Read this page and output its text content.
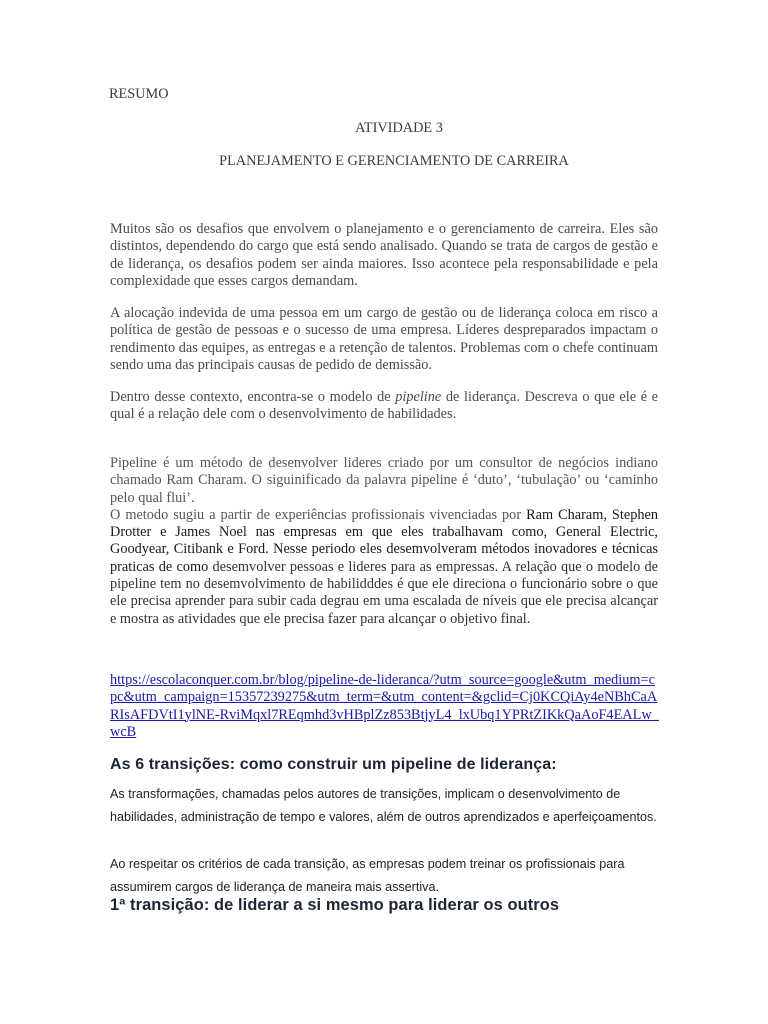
RESUMO
ATIVIDADE 3
PLANEJAMENTO E GERENCIAMENTO DE CARREIRA
Muitos são os desafios que envolvem o planejamento e o gerenciamento de carreira. Eles são distintos, dependendo do cargo que está sendo analisado. Quando se trata de cargos de gestão e de liderança, os desafios podem ser ainda maiores. Isso acontece pela responsabilidade e pela complexidade que esses cargos demandam.
A alocação indevida de uma pessoa em um cargo de gestão ou de liderança coloca em risco a política de gestão de pessoas e o sucesso de uma empresa. Líderes despreparados impactam o rendimento das equipes, as entregas e a retenção de talentos. Problemas com o chefe continuam sendo uma das principais causas de pedido de demissão.
Dentro desse contexto, encontra-se o modelo de pipeline de liderança. Descreva o que ele é e qual é a relação dele com o desenvolvimento de habilidades.
Pipeline é um método de desenvolver lideres criado por um consultor de negócios indiano chamado Ram Charam. O siguinificado da palavra pipeline é ‘duto’, ‘tubulação’ ou ‘caminho pelo qual flui’.
O metodo sugiu a partir de experiências profissionais vivenciadas por Ram Charam, Stephen Drotter e James Noel nas empresas em que eles trabalhavam como, General Electric, Goodyear, Citibank e Ford. Nesse periodo eles desemvolveram métodos inovadores e técnicas praticas de como desemvolver pessoas e lideres para as empressas. A relação que o modelo de pipeline tem no desemvolvimento de habilidddes é que ele direciona o funcionário sobre o que ele precisa aprender para subir cada degrau em uma escalada de níveis que ele precisa alcançar e mostra as atividades que ele precisa fazer para alcançar o objetivo final.
https://escolaconquer.com.br/blog/pipeline-de-lideranca/?utm_source=google&utm_medium=cpc&utm_campaign=15357239275&utm_term=&utm_content=&gclid=Cj0KCQiAy4eNBhCaARIsAFDVtI1ylNE-RviMqxl7REqmhd3vHBplZz853BtjyL4_lxUbq1YPRtZIKkQaAoF4EALw_wcB
As 6 transições: como construir um pipeline de liderança:
As transformações, chamadas pelos autores de transições, implicam o desenvolvimento de habilidades, administração de tempo e valores, além de outros aprendizados e aperfeiçoamentos.
Ao respeitar os critérios de cada transição, as empresas podem treinar os profissionais para assumirem cargos de liderança de maneira mais assertiva.
1ª transição: de liderar a si mesmo para liderar os outros
